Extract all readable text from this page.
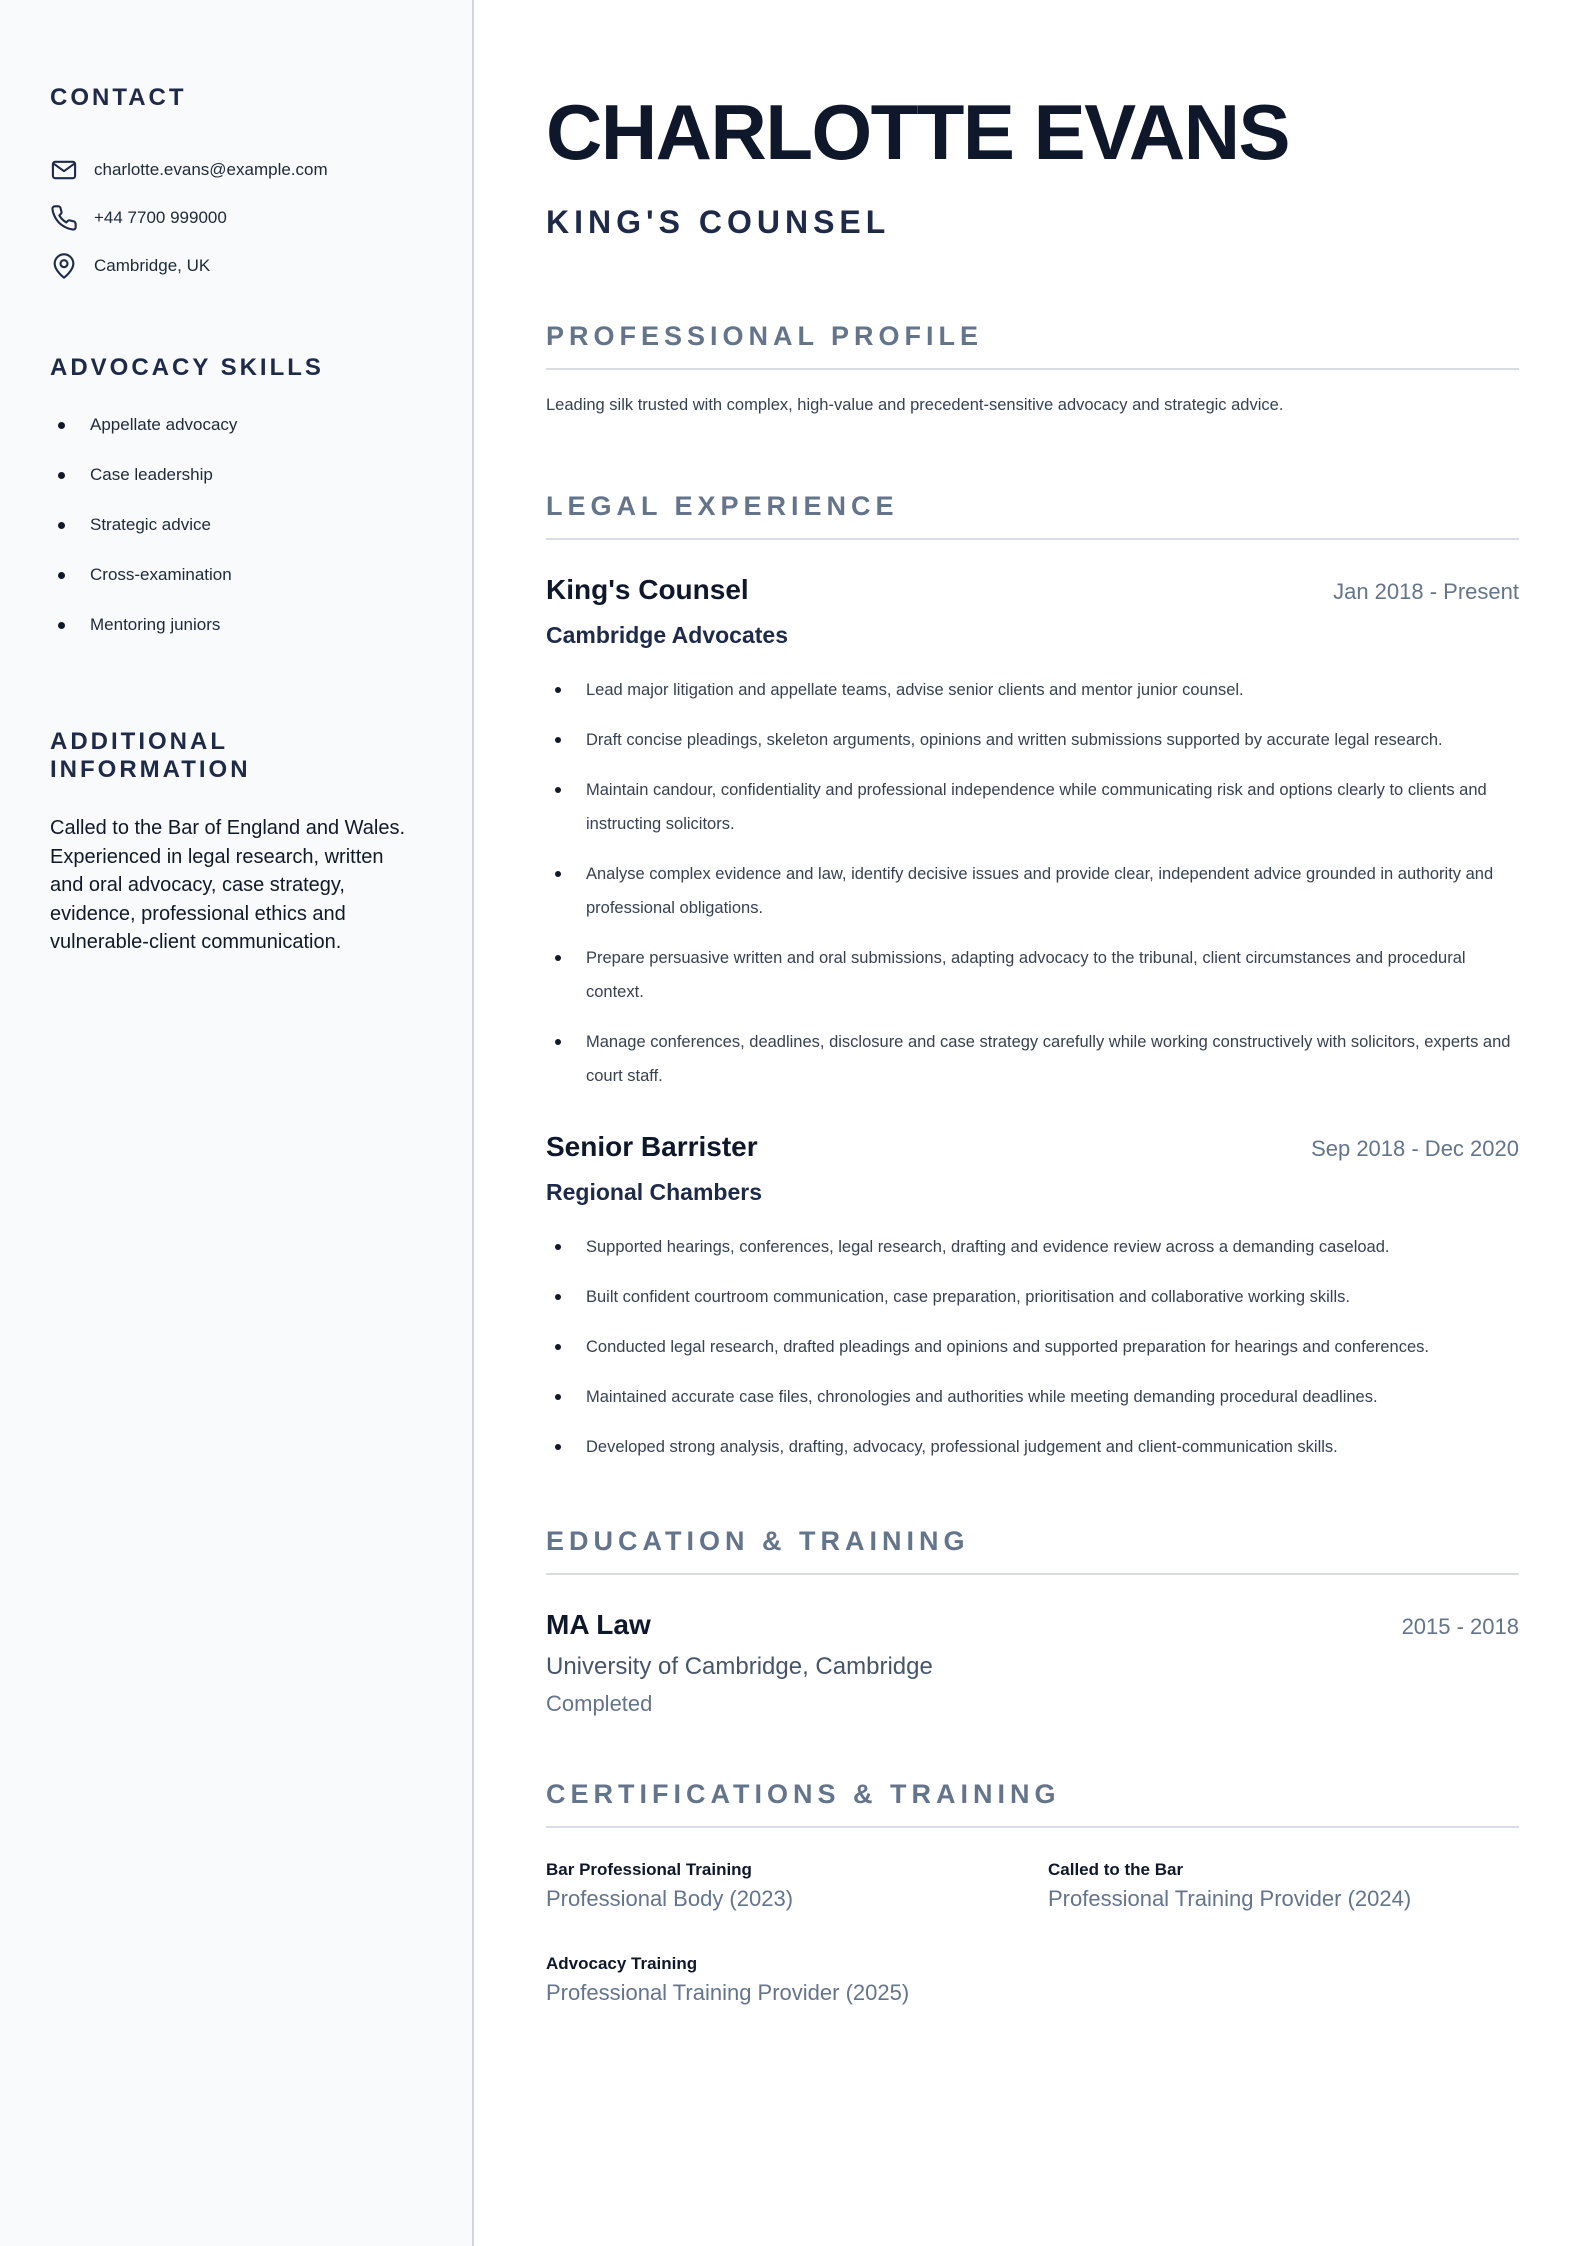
CONTACT
charlotte.evans@example.com
+44 7700 999000
Cambridge, UK
ADVOCACY SKILLS
Appellate advocacy
Case leadership
Strategic advice
Cross-examination
Mentoring juniors
ADDITIONAL INFORMATION

Called to the Bar of England and Wales. Experienced in legal research, written and oral advocacy, case strategy, evidence, professional ethics and vulnerable-client communication.

CHARLOTTE EVANS
KING'S COUNSEL
PROFESSIONAL PROFILE

Leading silk trusted with complex, high-value and precedent-sensitive advocacy and strategic advice.

LEGAL EXPERIENCE
King's Counsel	Jan 2018 - Present
Cambridge Advocates
Lead major litigation and appellate teams, advise senior clients and mentor junior counsel.
Draft concise pleadings, skeleton arguments, opinions and written submissions supported by accurate legal research.
Maintain candour, confidentiality and professional independence while communicating risk and options clearly to clients and instructing solicitors.
Analyse complex evidence and law, identify decisive issues and provide clear, independent advice grounded in authority and professional obligations.
Prepare persuasive written and oral submissions, adapting advocacy to the tribunal, client circumstances and procedural context.
Manage conferences, deadlines, disclosure and case strategy carefully while working constructively with solicitors, experts and court staff.
Senior Barrister	Sep 2018 - Dec 2020
Regional Chambers
Supported hearings, conferences, legal research, drafting and evidence review across a demanding caseload.
Built confident courtroom communication, case preparation, prioritisation and collaborative working skills.
Conducted legal research, drafted pleadings and opinions and supported preparation for hearings and conferences.
Maintained accurate case files, chronologies and authorities while meeting demanding procedural deadlines.
Developed strong analysis, drafting, advocacy, professional judgement and client-communication skills.
EDUCATION & TRAINING
MA Law	2015 - 2018
University of Cambridge, Cambridge
Completed
CERTIFICATIONS & TRAINING
Bar Professional Training
Professional Body (2023)
Called to the Bar
Professional Training Provider (2024)
Advocacy Training
Professional Training Provider (2025)
